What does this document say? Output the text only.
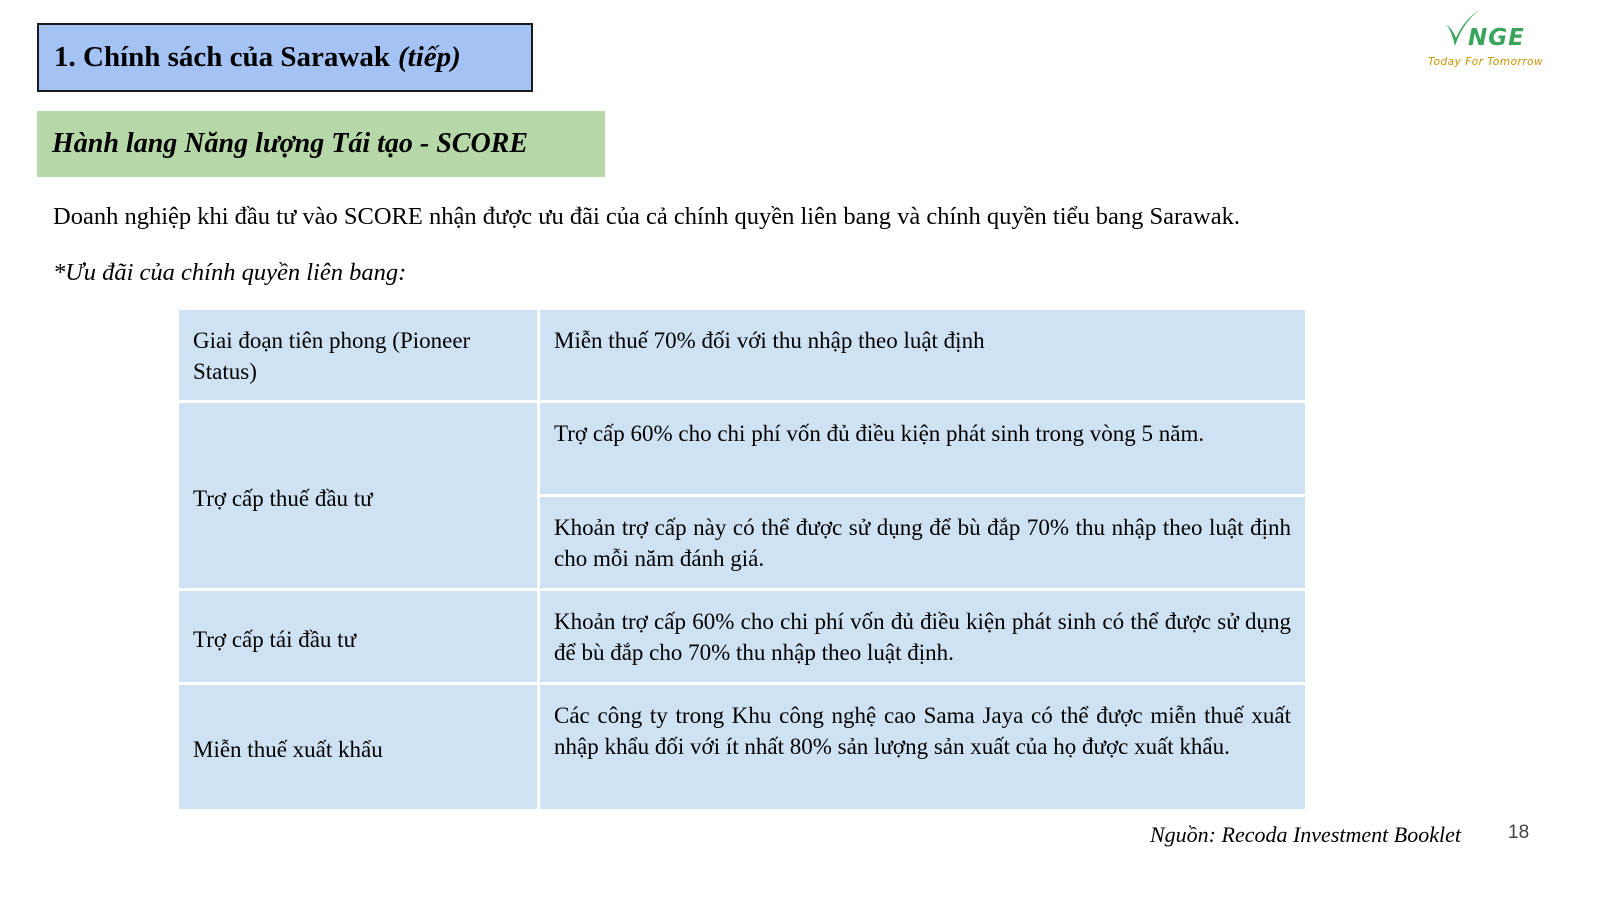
1. Chính sách của Sarawak (tiếp)
NGE
Today For Tomorrow
Hành lang Năng lượng Tái tạo - SCORE
Doanh nghiệp khi đầu tư vào SCORE nhận được ưu đãi của cả chính quyền liên bang và chính quyền tiểu bang Sarawak.
*Ưu đãi của chính quyền liên bang:
Giai đoạn tiên phong (Pioneer Status)	Miễn thuế 70% đối với thu nhập theo luật định
Trợ cấp thuế đầu tư	Trợ cấp 60% cho chi phí vốn đủ điều kiện phát sinh trong vòng 5 năm.
	Khoản trợ cấp này có thể được sử dụng để bù đắp 70% thu nhập theo luật định cho mỗi năm đánh giá.
Trợ cấp tái đầu tư	Khoản trợ cấp 60% cho chi phí vốn đủ điều kiện phát sinh có thể được sử dụng để bù đắp cho 70% thu nhập theo luật định.
Miễn thuế xuất khẩu	Các công ty trong Khu công nghệ cao Sama Jaya có thể được miễn thuế xuất nhập khẩu đối với ít nhất 80% sản lượng sản xuất của họ được xuất khẩu.
Nguồn: Recoda Investment Booklet 18
